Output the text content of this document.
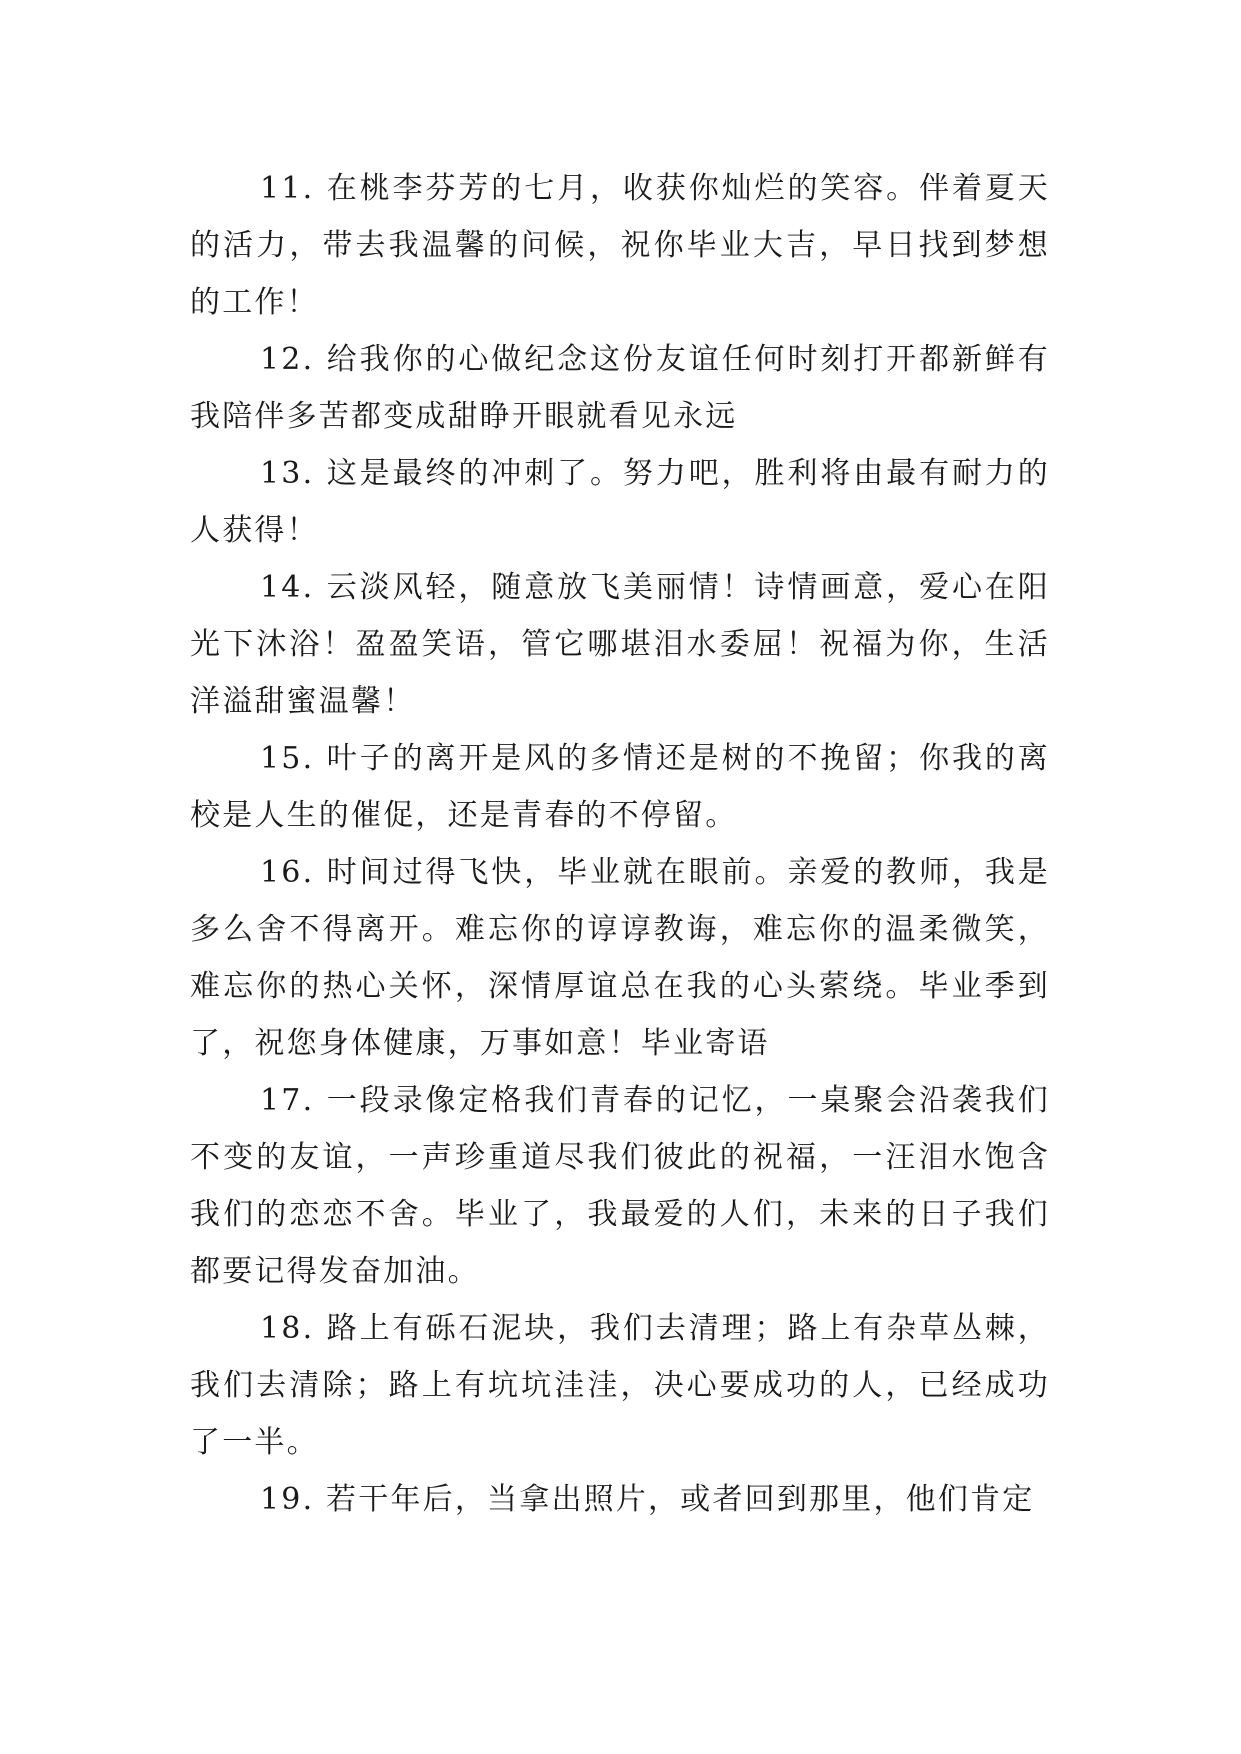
11. 在桃李芬芳的七月，收获你灿烂的笑容。伴着夏天的活力，带去我温馨的问候，祝你毕业大吉，早日找到梦想的工作！

12. 给我你的心做纪念这份友谊任何时刻打开都新鲜有我陪伴多苦都变成甜睁开眼就看见永远

13. 这是最终的冲刺了。努力吧，胜利将由最有耐力的人获得！

14. 云淡风轻，随意放飞美丽情！诗情画意，爱心在阳光下沐浴！盈盈笑语，管它哪堪泪水委屈！祝福为你，生活洋溢甜蜜温馨！

15. 叶子的离开是风的多情还是树的不挽留；你我的离校是人生的催促，还是青春的不停留。

16. 时间过得飞快，毕业就在眼前。亲爱的教师，我是多么舍不得离开。难忘你的谆谆教诲，难忘你的温柔微笑，难忘你的热心关怀，深情厚谊总在我的心头萦绕。毕业季到了，祝您身体健康，万事如意！毕业寄语

17. 一段录像定格我们青春的记忆，一桌聚会沿袭我们不变的友谊，一声珍重道尽我们彼此的祝福，一汪泪水饱含我们的恋恋不舍。毕业了，我最爱的人们，未来的日子我们都要记得发奋加油。

18. 路上有砾石泥块，我们去清理；路上有杂草丛棘，我们去清除；路上有坑坑洼洼，决心要成功的人，已经成功了一半。

19. 若干年后，当拿出照片，或者回到那里，他们肯定
